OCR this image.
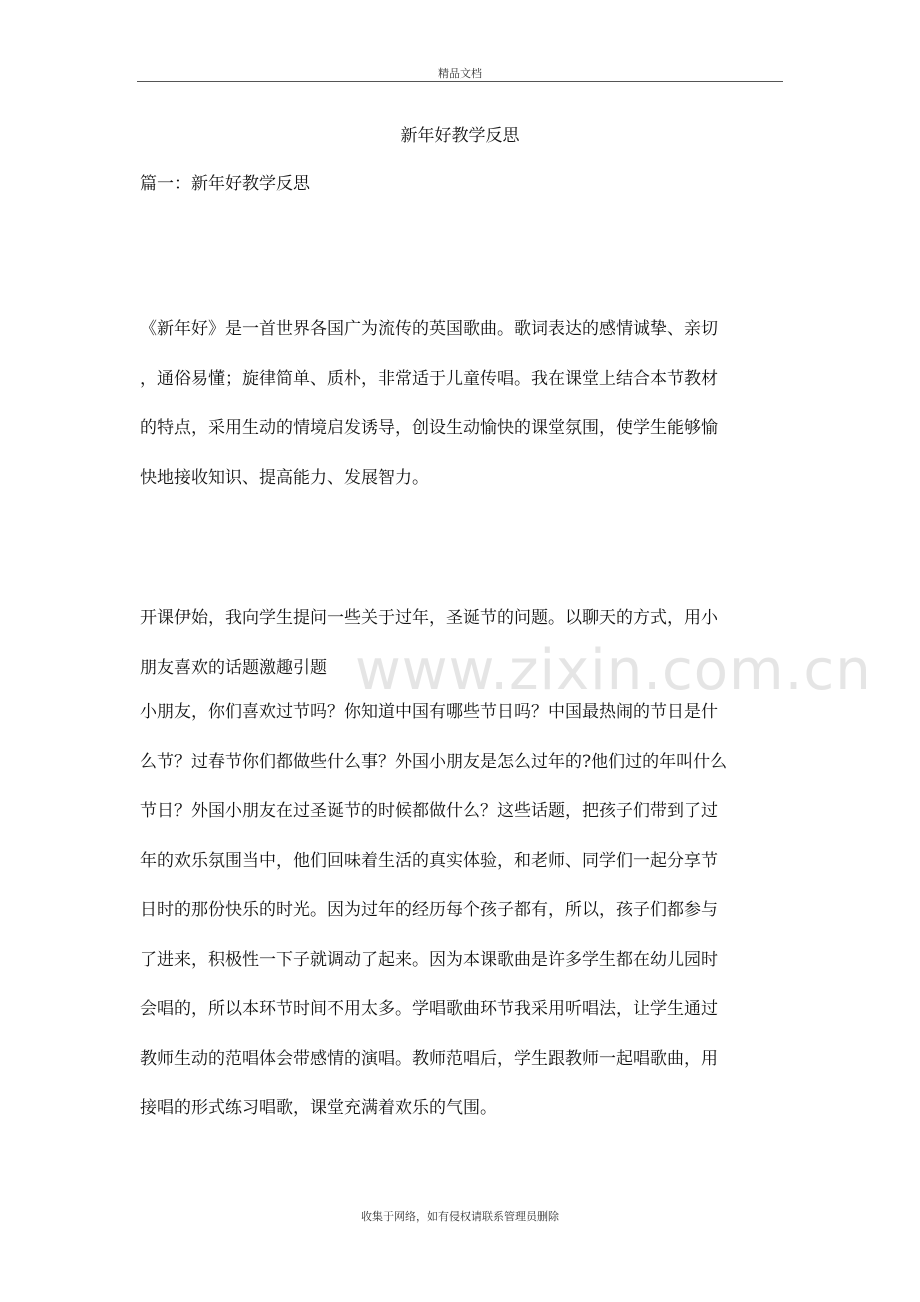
精品文档
新年好教学反思
篇一：新年好教学反思

《新年好》是一首世界各国广为流传的英国歌曲。歌词表达的感情诚挚、亲切
，通俗易懂；旋律简单、质朴，非常适于儿童传唱。我在课堂上结合本节教材
的特点，采用生动的情境启发诱导，创设生动愉快的课堂氛围，使学生能够愉
快地接收知识、提高能力、发展智力。

开课伊始，我向学生提问一些关于过年，圣诞节的问题。以聊天的方式，用小
朋友喜欢的话题激趣引题

小朋友，你们喜欢过节吗？你知道中国有哪些节日吗？中国最热闹的节日是什
么节？过春节你们都做些什么事？外国小朋友是怎么过年的?他们过的年叫什么
节日？外国小朋友在过圣诞节的时候都做什么？这些话题，把孩子们带到了过
年的欢乐氛围当中，他们回味着生活的真实体验，和老师、同学们一起分享节
日时的那份快乐的时光。因为过年的经历每个孩子都有，所以，孩子们都参与
了进来，积极性一下子就调动了起来。因为本课歌曲是许多学生都在幼儿园时
会唱的，所以本环节时间不用太多。学唱歌曲环节我采用听唱法，让学生通过
教师生动的范唱体会带感情的演唱。教师范唱后，学生跟教师一起唱歌曲，用
接唱的形式练习唱歌，课堂充满着欢乐的气围。

www.zixin.com.cn
收集于网络，如有侵权请联系管理员删除
